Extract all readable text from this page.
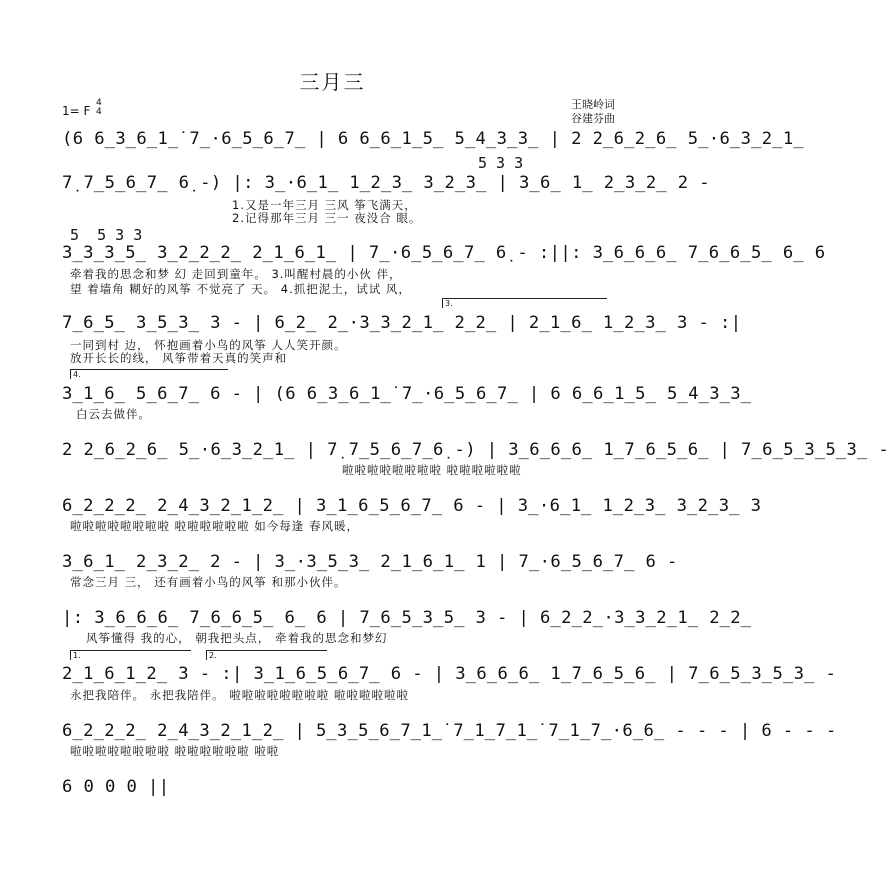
三月三
王晓岭词
谷建芬曲
1= F
4
4
(6 6̲3̲6̲1̲̇ 7̲·6̲5̲6̲7̲ | 6 6̲6̲1̲5̲ 5̲4̲3̲3̲ | 2 2̲6̲2̲6̲ 5̲·6̲3̲2̲1̲
5 3 3
7̣ 7̲5̲6̲7̲ 6̣ -) |: 3̲·6̲1̲ 1̲2̲3̲ 3̲2̲3̲ | 3̲6̲ 1̲ 2̲3̲2̲ 2 -
1.又是一年三月 三风 筝飞满天，
2.记得那年三月 三一 夜没合 眼。
5  5 3 3
3̲3̲3̲5̲ 3̲2̲2̲2̲ 2̲1̲6̲1̲ | 7̲·6̲5̲6̲7̲ 6̣ - :||: 3̲6̲6̲6̲ 7̲6̲6̲5̲ 6̲ 6
牵着我的思念和梦 幻 走回到童年。 3.叫醒村晨的小伙 伴，
望 着墙角 糊好的风筝 不觉亮了 天。 4.抓把泥土，试试 风，
3.
7̲6̲5̲ 3̲5̲3̲ 3 - | 6̲2̲ 2̲·3̲3̲2̲1̲ 2̲2̲ | 2̲1̲6̲ 1̲2̲3̲ 3 - :|
一同到村 边， 怀抱画着小鸟的风筝 人人笑开颜。
放开长长的线， 风筝带着天真的笑声和
4.
3̲1̲6̲ 5̲6̲7̲ 6 - | (6 6̲3̲6̲1̲̇ 7̲·6̲5̲6̲7̲ | 6 6̲6̲1̲5̲ 5̲4̲3̲3̲
白云去做伴。
2 2̲6̲2̲6̲ 5̲·6̲3̲2̲1̲ | 7̣ 7̲5̲6̲7̲6̣ -) | 3̲6̲6̲6̲ 1̲̇7̲6̲5̲6̲ | 7̲6̲5̲3̲5̲3̲ -
啦啦啦啦啦啦啦啦 啦啦啦啦啦啦
6̲2̲2̲2̲ 2̲4̲3̲2̲1̲2̲ | 3̲1̲6̲5̲6̲7̲ 6 - | 3̲·6̲1̲ 1̲2̲3̲ 3̲2̲3̲ 3
啦啦啦啦啦啦啦啦 啦啦啦啦啦啦 如今每逢 春风暖，
3̲6̲1̲ 2̲3̲2̲ 2 - | 3̲·3̲5̲3̲ 2̲1̲6̲1̲ 1 | 7̲·6̲5̲6̲7̲ 6 -
常念三月 三， 还有画着小鸟的风筝 和那小伙伴。
|: 3̲6̲6̲6̲ 7̲6̲6̲5̲ 6̲ 6 | 7̲6̲5̲3̲5̲ 3 - | 6̲2̲2̲·3̲3̲2̲1̲ 2̲2̲
风筝懂得 我的心， 朝我把头点， 牵着我的思念和梦幻
1.	2.
2̲1̲6̲1̲2̲ 3 - :| 3̲1̲6̲5̲6̲7̲ 6 - | 3̲6̲6̲6̲ 1̲̇7̲6̲5̲6̲ | 7̲6̲5̲3̲5̲3̲ -
永把我陪伴。 永把我陪伴。 啦啦啦啦啦啦啦啦 啦啦啦啦啦啦
6̲2̲2̲2̲ 2̲4̲3̲2̲1̲2̲ | 5̲3̲5̲6̲7̲1̲̇ 7̲1̲̇7̲1̲̇ 7̲1̲̇7̲·6̲6̲ - - - | 6 - - -
啦啦啦啦啦啦啦啦 啦啦啦啦啦啦 啦啦
6 0 0 0 ||
